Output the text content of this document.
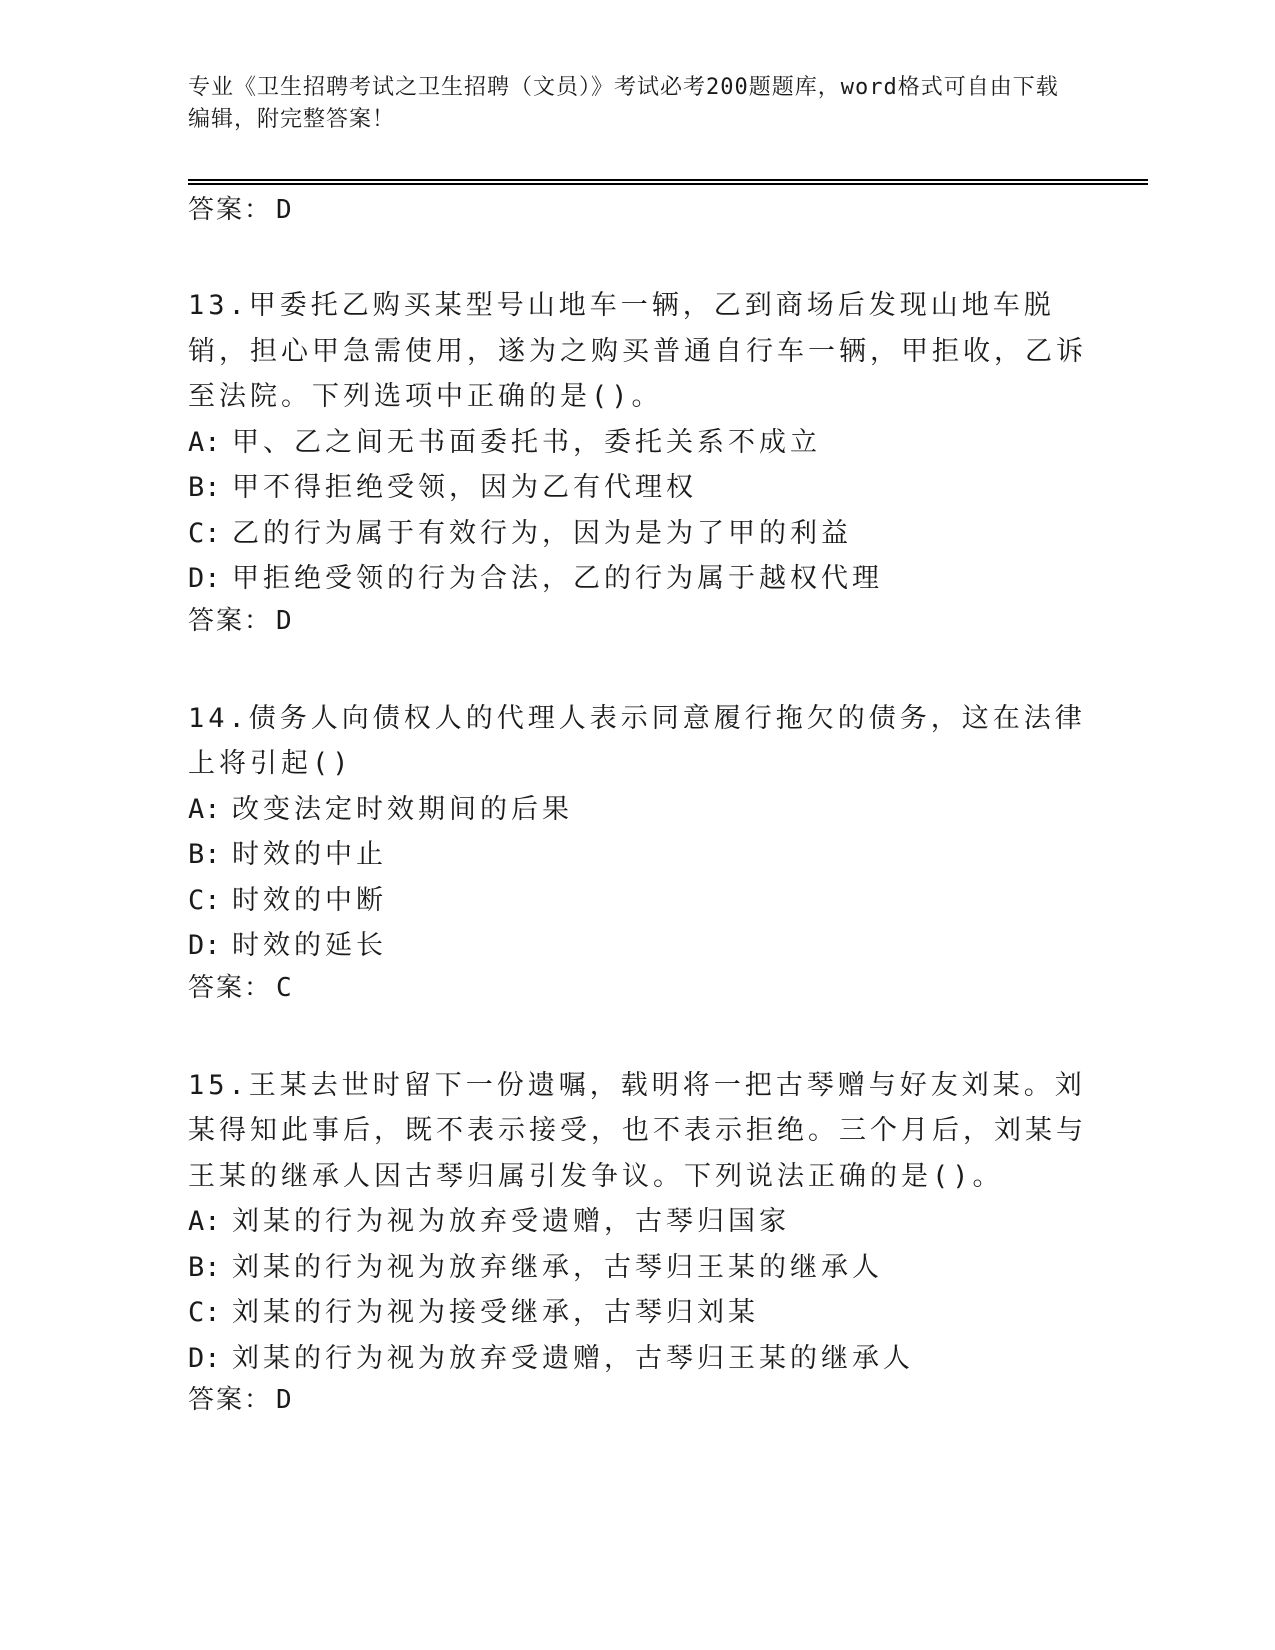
专业《卫生招聘考试之卫生招聘（文员）》考试必考200题题库，word格式可自由下载编辑，附完整答案！
答案： D

13.甲委托乙购买某型号山地车一辆，乙到商场后发现山地车脱销，担心甲急需使用，遂为之购买普通自行车一辆，甲拒收，乙诉至法院。下列选项中正确的是()。

A: 甲、乙之间无书面委托书，委托关系不成立
B: 甲不得拒绝受领，因为乙有代理权
C: 乙的行为属于有效行为，因为是为了甲的利益
D: 甲拒绝受领的行为合法，乙的行为属于越权代理
答案： D

14.债务人向债权人的代理人表示同意履行拖欠的债务，这在法律上将引起()

A: 改变法定时效期间的后果
B: 时效的中止
C: 时效的中断
D: 时效的延长
答案： C

15.王某去世时留下一份遗嘱，载明将一把古琴赠与好友刘某。刘某得知此事后，既不表示接受，也不表示拒绝。三个月后，刘某与王某的继承人因古琴归属引发争议。下列说法正确的是()。

A: 刘某的行为视为放弃受遗赠，古琴归国家
B: 刘某的行为视为放弃继承，古琴归王某的继承人
C: 刘某的行为视为接受继承，古琴归刘某
D: 刘某的行为视为放弃受遗赠，古琴归王某的继承人
答案： D
